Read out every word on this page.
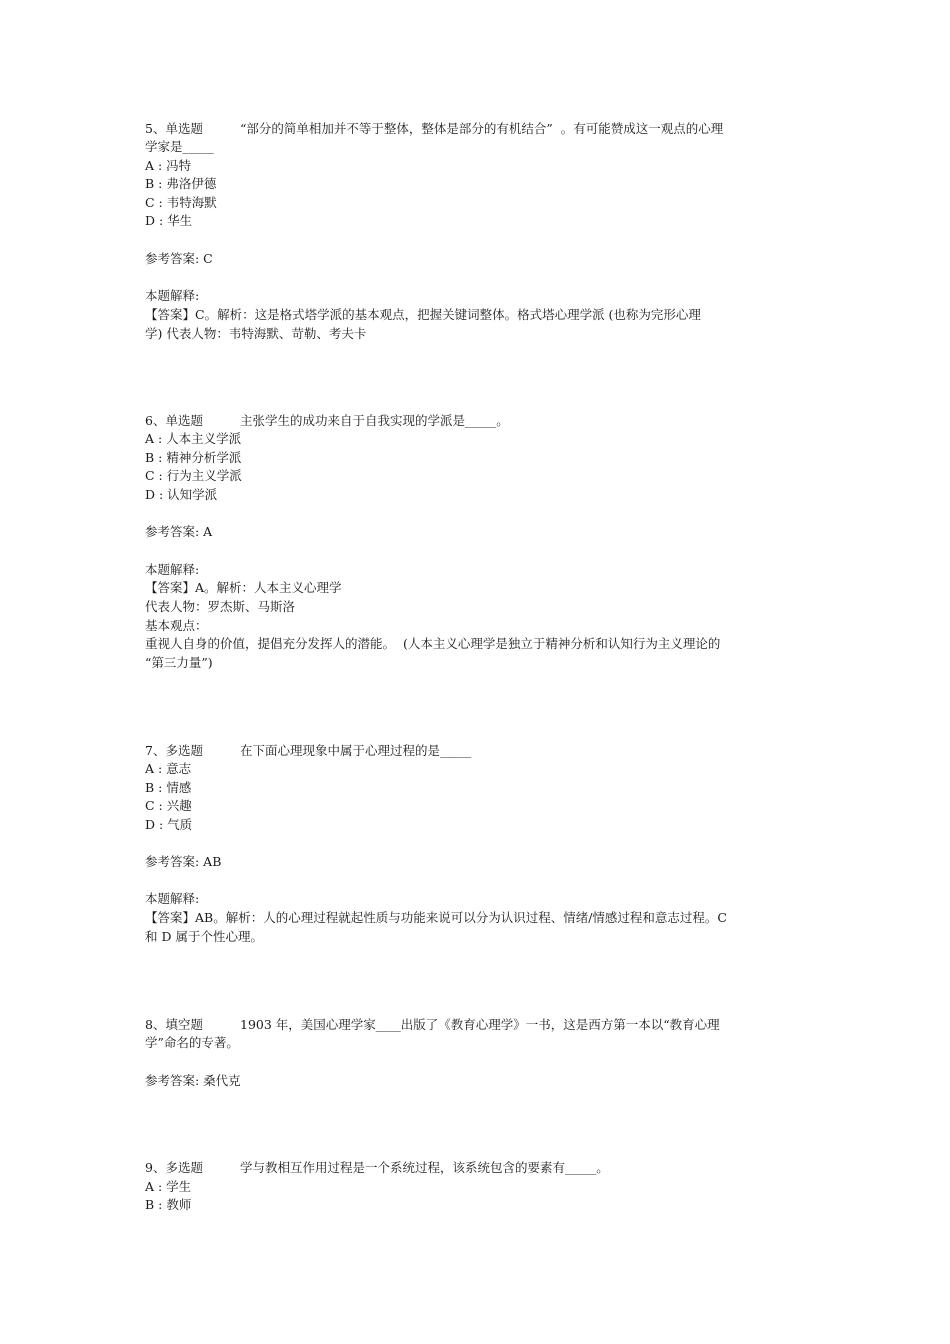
5、单选题	“部分的简单相加并不等于整体，整体是部分的有机结合”  。有可能赞成这一观点的心理
学家是_____
A : 冯特
B : 弗洛伊德
C : 韦特海默
D : 华生
参考答案: C
本题解释:
【答案】C。解析：这是格式塔学派的基本观点，把握关键词整体。格式塔心理学派 (也称为完形心理
学) 代表人物：韦特海默、苛勒、考夫卡
6、单选题	主张学生的成功来自于自我实现的学派是_____。
A : 人本主义学派
B : 精神分析学派
C : 行为主义学派
D : 认知学派
参考答案: A
本题解释:
【答案】A。解析：人本主义心理学
代表人物：罗杰斯、马斯洛
基本观点：
重视人自身的价值，提倡充分发挥人的潜能。  (人本主义心理学是独立于精神分析和认知行为主义理论的
“第三力量”)
7、多选题	在下面心理现象中属于心理过程的是_____
A : 意志
B : 情感
C : 兴趣
D : 气质
参考答案: AB
本题解释:
【答案】AB。解析：人的心理过程就起性质与功能来说可以分为认识过程、情绪/情感过程和意志过程。C
和 D 属于个性心理。
8、填空题	1903 年，美国心理学家____出版了《教育心理学》一书，这是西方第一本以“教育心理
学”命名的专著。
参考答案: 桑代克
9、多选题	学与教相互作用过程是一个系统过程，该系统包含的要素有_____。
A : 学生
B : 教师
